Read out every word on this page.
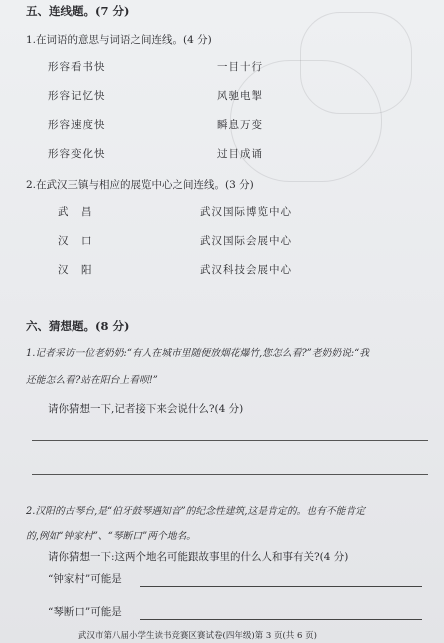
五、连线题。(7 分)
1.在词语的意思与词语之间连线。(4 分)
形容看书快
形容记忆快
形容速度快
形容变化快
一目十行
风驰电掣
瞬息万变
过目成诵
2.在武汉三镇与相应的展览中心之间连线。(3 分)
武　昌
汉　口
汉　阳
武汉国际博览中心
武汉国际会展中心
武汉科技会展中心
六、猜想题。(8 分)
1.记者采访一位老奶奶:“有人在城市里随便放烟花爆竹,您怎么看?”老奶奶说:“我
还能怎么看?站在阳台上看呗!”
请你猜想一下,记者接下来会说什么?(4 分)
2.汉阳的古琴台,是“伯牙鼓琴遇知音”的纪念性建筑,这是肯定的。也有不能肯定
的,例如“钟家村”、“琴断口”两个地名。
请你猜想一下:这两个地名可能跟故事里的什么人和事有关?(4 分)
“钟家村”可能是
“琴断口”可能是
武汉市第八届小学生读书竞赛区赛试卷(四年级)第 3 页(共 6 页)
